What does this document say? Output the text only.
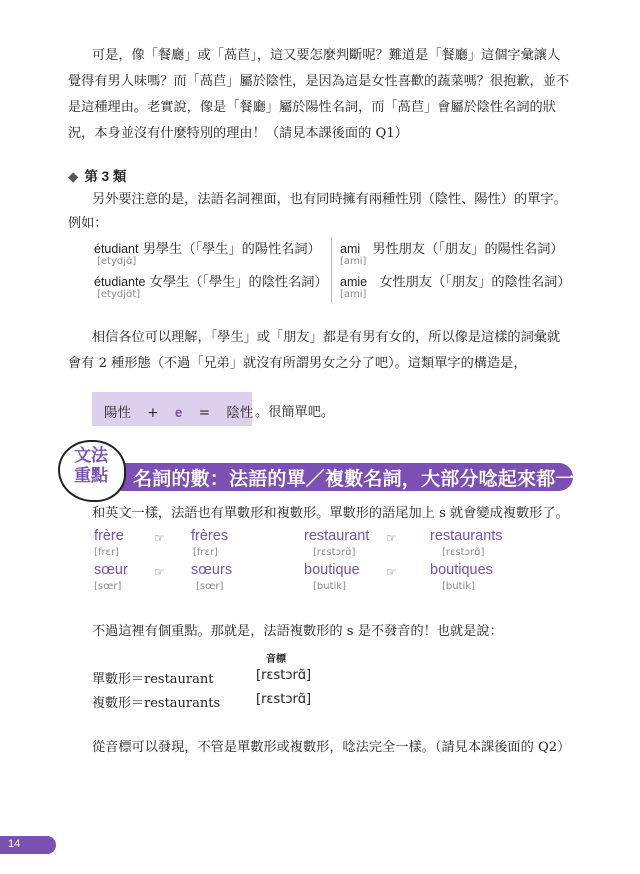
可是，像「餐廳」或「萵苣」，這又要怎麼判斷呢？難道是「餐廳」這個字彙讓人
覺得有男人味嗎？而「萵苣」屬於陰性，是因為這是女性喜歡的蔬菜嗎？很抱歉，並不
是這種理由。老實說，像是「餐廳」屬於陽性名詞，而「萵苣」會屬於陰性名詞的狀
況，本身並沒有什麼特別的理由！（請見本課後面的 Q1）
◆ 第 3 類
另外要注意的是，法語名詞裡面，也有同時擁有兩種性別（陰性、陽性）的單字。
例如：
étudiant 男學生（「學生」的陽性名詞）
[etydjɑ̃]
ami 男性朋友（「朋友」的陽性名詞）
[ami]
étudiante 女學生（「學生」的陰性名詞）
[etydjɑ̃t]
amie 女性朋友（「朋友」的陰性名詞）
[ami]
相信各位可以理解，「學生」或「朋友」都是有男有女的，所以像是這樣的詞彙就
會有 2 種形態（不過「兄弟」就沒有所謂男女之分了吧）。這類單字的構造是，
陽性 + e = 陰性 。很簡單吧。
名詞的數：法語的單／複數名詞，大部分唸起來都一樣
文法重點
和英文一樣，法語也有單數形和複數形。單數形的語尾加上 s 就會變成複數形了。
frère
[frɛr]
☞ frères
[frɛr]
restaurant
[rɛstɔrɑ̃]
☞ restaurants
[rɛstɔrɑ̃]
sœur
[sœr]
☞ sœurs
[sœr]
boutique
[butik]
☞ boutiques
[butik]
不過這裡有個重點。那就是，法語複數形的 s 是不發音的！也就是說：
音標
單數形＝restaurant	[rɛstɔrɑ̃]
複數形＝restaurants	[rɛstɔrɑ̃]
從音標可以發現，不管是單數形或複數形，唸法完全一樣。（請見本課後面的 Q2）
14
